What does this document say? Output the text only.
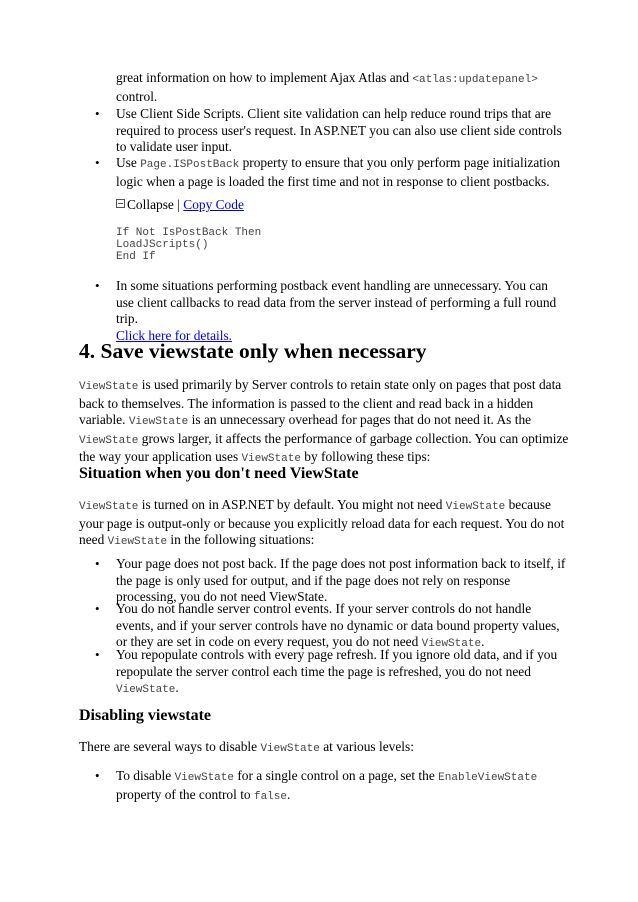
great information on how to implement Ajax Atlas and <atlas:updatepanel>
control.
• Use Client Side Scripts. Client site validation can help reduce round trips that are required to process user's request. In ASP.NET you can also use client side controls to validate user input.
• Use Page.ISPostBack property to ensure that you only perform page initialization logic when a page is loaded the first time and not in response to client postbacks.
Collapse | Copy Code
If Not IsPostBack Then
LoadJScripts()
End If
• In some situations performing postback event handling are unnecessary. You can use client callbacks to read data from the server instead of performing a full round trip.
Click here for details.
4. Save viewstate only when necessary
ViewState is used primarily by Server controls to retain state only on pages that post data back to themselves. The information is passed to the client and read back in a hidden variable. ViewState is an unnecessary overhead for pages that do not need it. As the ViewState grows larger, it affects the performance of garbage collection. You can optimize the way your application uses ViewState by following these tips:
Situation when you don't need ViewState
ViewState is turned on in ASP.NET by default. You might not need ViewState because your page is output-only or because you explicitly reload data for each request. You do not need ViewState in the following situations:
• Your page does not post back. If the page does not post information back to itself, if the page is only used for output, and if the page does not rely on response processing, you do not need ViewState.
• You do not handle server control events. If your server controls do not handle events, and if your server controls have no dynamic or data bound property values, or they are set in code on every request, you do not need ViewState.
• You repopulate controls with every page refresh. If you ignore old data, and if you repopulate the server control each time the page is refreshed, you do not need ViewState.
Disabling viewstate
There are several ways to disable ViewState at various levels:
• To disable ViewState for a single control on a page, set the EnableViewState property of the control to false.
